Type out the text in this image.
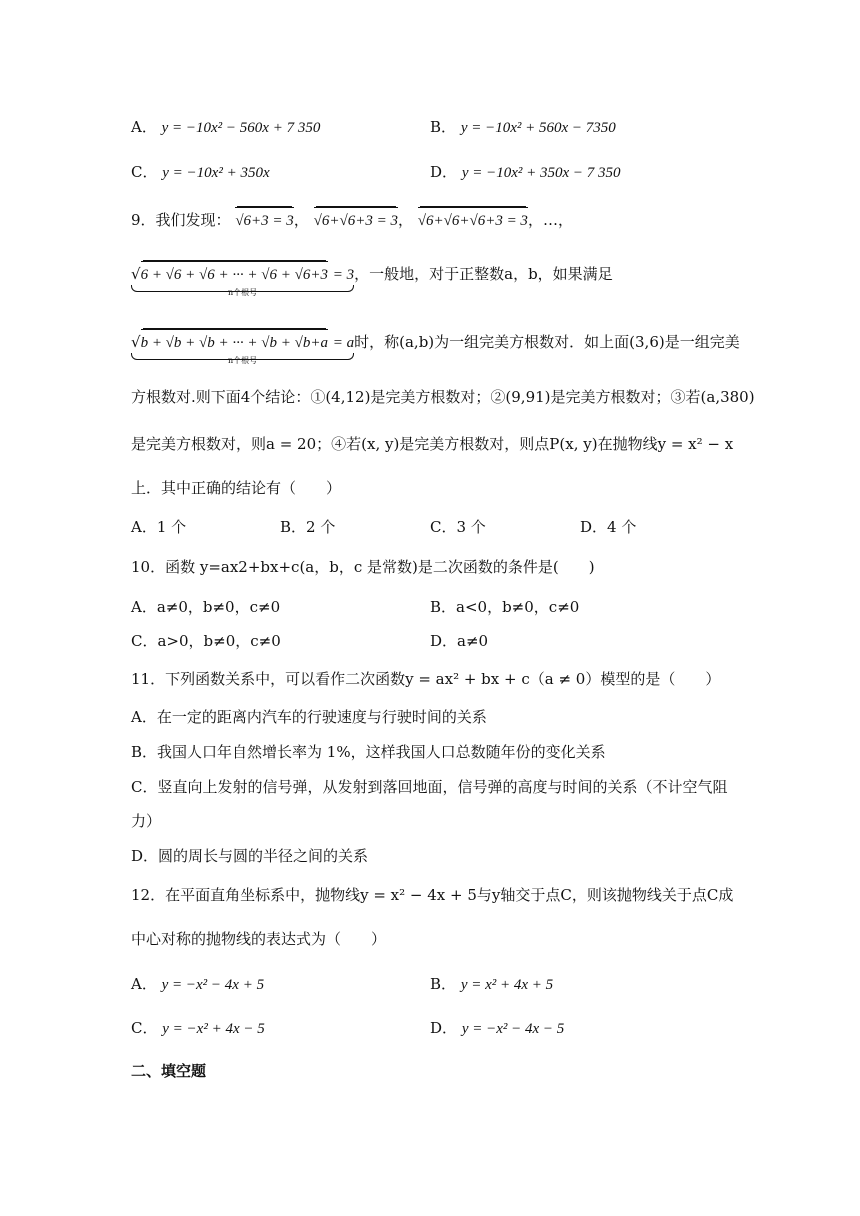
A． y = −10x² − 560x + 7 350	B． y = −10x² + 560x − 7350
C． y = −10x² + 350x	D． y = −10x² + 350x − 7 350
9．我们发现： √6+3 = 3， √6+√6+3 = 3， √6+√6+√6+3 = 3，…，
√6 + √6 + √6 + ··· + √6 + √6+3 = 3
n个根号
，一般地，对于正整数a，b，如果满足
√b + √b + √b + ··· + √b + √b+a = a
n个根号
时，称(a,b)为一组完美方根数对．如上面(3,6)是一组完美
方根数对.则下面4个结论：①(4,12)是完美方根数对；②(9,91)是完美方根数对；③若(a,380)
是完美方根数对，则a = 20；④若(x, y)是完美方根数对，则点P(x, y)在抛物线y = x² − x
上．其中正确的结论有（　　）
A．1 个	B．2 个	C．3 个	D．4 个
10．函数 y=ax2+bx+c(a，b，c 是常数)是二次函数的条件是(　　)
A．a≠0，b≠0，c≠0	B．a<0，b≠0，c≠0
C．a>0，b≠0，c≠0	D．a≠0
11．下列函数关系中，可以看作二次函数y = ax² + bx + c（a ≠ 0）模型的是（　　）
A．在一定的距离内汽车的行驶速度与行驶时间的关系
B．我国人口年自然增长率为 1%，这样我国人口总数随年份的变化关系
C．竖直向上发射的信号弹，从发射到落回地面，信号弹的高度与时间的关系（不计空气阻
力）
D．圆的周长与圆的半径之间的关系
12．在平面直角坐标系中，抛物线y = x² − 4x + 5与y轴交于点C，则该抛物线关于点C成
中心对称的抛物线的表达式为（　　）
A． y = −x² − 4x + 5	B． y = x² + 4x + 5
C． y = −x² + 4x − 5	D． y = −x² − 4x − 5
二、填空题
